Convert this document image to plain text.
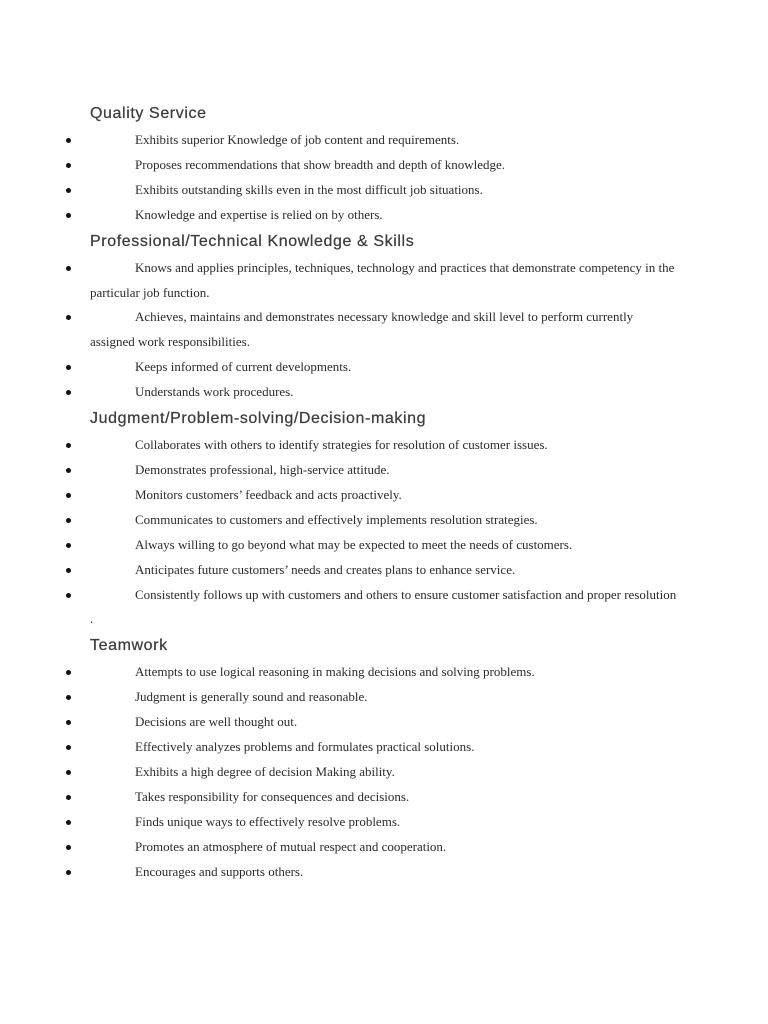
Quality Service
Exhibits superior Knowledge of job content and requirements.
Proposes recommendations that show breadth and depth of knowledge.
Exhibits outstanding skills even in the most difficult job situations.
Knowledge and expertise is relied on by others.
Professional/Technical Knowledge & Skills
Knows and applies principles, techniques, technology and practices that demonstrate competency in the particular job function.
Achieves, maintains and demonstrates necessary knowledge and skill level to perform currently assigned work responsibilities.
Keeps informed of current developments.
Understands work procedures.
Judgment/Problem-solving/Decision-making
Collaborates with others to identify strategies for resolution of customer issues.
Demonstrates professional, high-service attitude.
Monitors customers’ feedback and acts proactively.
Communicates to customers and effectively implements resolution strategies.
Always willing to go beyond what may be expected to meet the needs of customers.
Anticipates future customers’ needs and creates plans to enhance service.
Consistently follows up with customers and others to ensure customer satisfaction and proper resolution .
Teamwork
Attempts to use logical reasoning in making decisions and solving problems.
Judgment is generally sound and reasonable.
Decisions are well thought out.
Effectively analyzes problems and formulates practical solutions.
Exhibits a high degree of decision Making ability.
Takes responsibility for consequences and decisions.
Finds unique ways to effectively resolve problems.
Promotes an atmosphere of mutual respect and cooperation.
Encourages and supports others.
